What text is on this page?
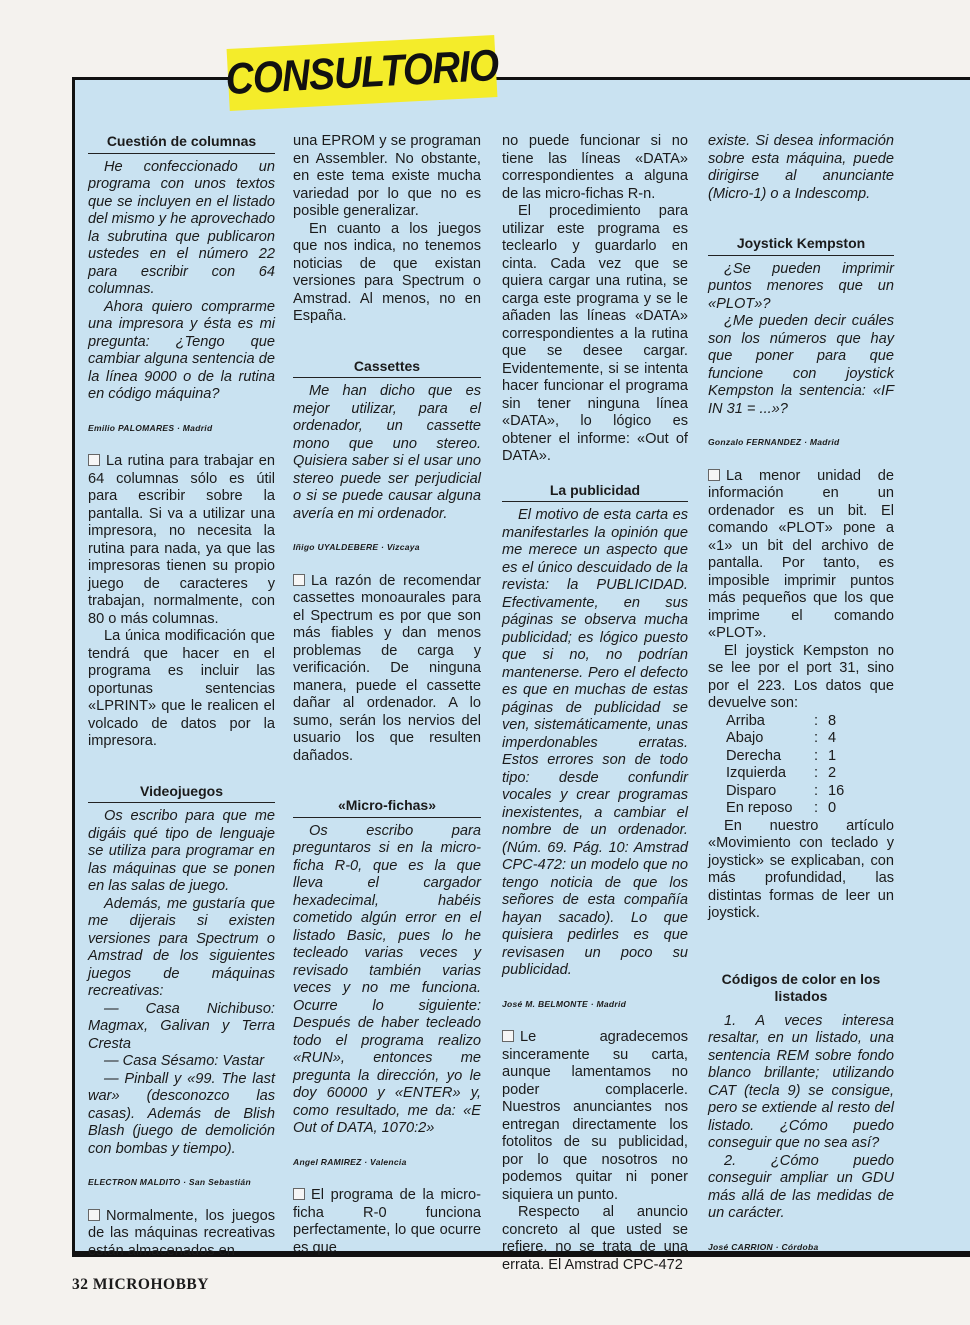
CONSULTORIO
Cuestión de columnas

He confeccionado un programa con unos textos que se incluyen en el listado del mismo y he aprovechado la subrutina que publicaron ustedes en el número 22 para escribir con 64 columnas.

Ahora quiero comprarme una impresora y ésta es mi pregunta: ¿Tengo que cambiar alguna sentencia de la línea 9000 o de la rutina en código máquina?

Emilio PALOMARES · Madrid

La rutina para trabajar en 64 columnas sólo es útil para escribir sobre la pantalla. Si va a utilizar una impresora, no necesita la rutina para nada, ya que las impresoras tienen su propio juego de caracteres y trabajan, normalmente, con 80 o más columnas.

La única modificación que tendrá que hacer en el programa es incluir las oportunas sentencias «LPRINT» que le realicen el volcado de datos por la impresora.

Videojuegos

Os escribo para que me digáis qué tipo de lenguaje se utiliza para programar en las máquinas que se ponen en las salas de juego.

Además, me gustaría que me dijerais si existen versiones para Spectrum o Amstrad de los siguientes juegos de máquinas recreativas:

— Casa Nichibuso: Magmax, Galivan y Terra Cresta

— Casa Sésamo: Vastar

— Pinball y «99. The last war» (desconozco las casas). Además de Blish Blash (juego de demolición con bombas y tiempo).

ELECTRON MALDITO · San Sebastián

Normalmente, los juegos de las máquinas recreativas están almacenados en

una EPROM y se programan en Assembler. No obstante, en este tema existe mucha variedad por lo que no es posible generalizar.

En cuanto a los juegos que nos indica, no tenemos noticias de que existan versiones para Spectrum o Amstrad. Al menos, no en España.

Cassettes

Me han dicho que es mejor utilizar, para el ordenador, un cassette mono que uno stereo. Quisiera saber si el usar uno stereo puede ser perjudicial o si se puede causar alguna avería en mi ordenador.

Iñigo UYALDEBERE · Vizcaya

La razón de recomendar cassettes monoaurales para el Spectrum es por que son más fiables y dan menos problemas de carga y verificación. De ninguna manera, puede el cassette dañar al ordenador. A lo sumo, serán los nervios del usuario los que resulten dañados.

«Micro-fichas»

Os escribo para preguntaros si en la micro-ficha R-0, que es la que lleva el cargador hexadecimal, habéis cometido algún error en el listado Basic, pues lo he tecleado varias veces y revisado también varias veces y no me funciona. Ocurre lo siguiente: Después de haber tecleado todo el programa realizo «RUN», entonces me pregunta la dirección, yo le doy 60000 y «ENTER» y, como resultado, me da: «E Out of DATA, 1070:2»

Angel RAMIREZ · Valencia

El programa de la micro-ficha R-0 funciona perfectamente, lo que ocurre es que

no puede funcionar si no tiene las líneas «DATA» correspondientes a alguna de las micro-fichas R-n.

El procedimiento para utilizar este programa es teclearlo y guardarlo en cinta. Cada vez que se quiera cargar una rutina, se carga este programa y se le añaden las líneas «DATA» correspondientes a la rutina que se desee cargar. Evidentemente, si se intenta hacer funcionar el programa sin tener ninguna línea «DATA», lo lógico es obtener el informe: «Out of DATA».

La publicidad

El motivo de esta carta es manifestarles la opinión que me merece un aspecto que es el único descuidado de la revista: la PUBLICIDAD. Efectivamente, en sus páginas se observa mucha publicidad; es lógico puesto que si no, no podrían mantenerse. Pero el defecto es que en muchas de estas páginas de publicidad se ven, sistemáticamente, unas imperdonables erratas. Estos errores son de todo tipo: desde confundir vocales y crear programas inexistentes, a cambiar el nombre de un ordenador. (Núm. 69. Pág. 10: Amstrad CPC-472: un modelo que no tengo noticia de que los señores de esta compañía hayan sacado). Lo que quisiera pedirles es que revisasen un poco su publicidad.

José M. BELMONTE · Madrid

Le agradecemos sinceramente su carta, aunque lamentamos no poder complacerle. Nuestros anunciantes nos entregan directamente los fotolitos de su publicidad, por lo que nosotros no podemos quitar ni poner siquiera un punto.

Respecto al anuncio concreto al que usted se refiere, no se trata de una errata. El Amstrad CPC-472

existe. Si desea información sobre esta máquina, puede dirigirse al anunciante (Micro-1) o a Indescomp.

Joystick Kempston

¿Se pueden imprimir puntos menores que un «PLOT»?

¿Me pueden decir cuáles son los números que hay que poner para que funcione con joystick Kempston la sentencia: «IF IN 31 = ...»?

Gonzalo FERNANDEZ · Madrid

La menor unidad de información en un ordenador es un bit. El comando «PLOT» pone a «1» un bit del archivo de pantalla. Por tanto, es imposible imprimir puntos más pequeños que los que imprime el comando «PLOT».

El joystick Kempston no se lee por el port 31, sino por el 223. Los datos que devuelve son:

Arriba	: 8
Abajo	: 4
Derecha	: 1
Izquierda	: 2
Disparo	: 16
En reposo	: 0

En nuestro artículo «Movimiento con teclado y joystick» se explicaban, con más profundidad, las distintas formas de leer un joystick.

Códigos de color en los listados

1. A veces interesa resaltar, en un listado, una sentencia REM sobre fondo blanco brillante; utilizando CAT (tecla 9) se consigue, pero se extiende al resto del listado. ¿Cómo puedo conseguir que no sea así?

2. ¿Cómo puedo conseguir ampliar un GDU más allá de las medidas de un carácter.

José CARRION · Córdoba

32 MICROHOBBY
